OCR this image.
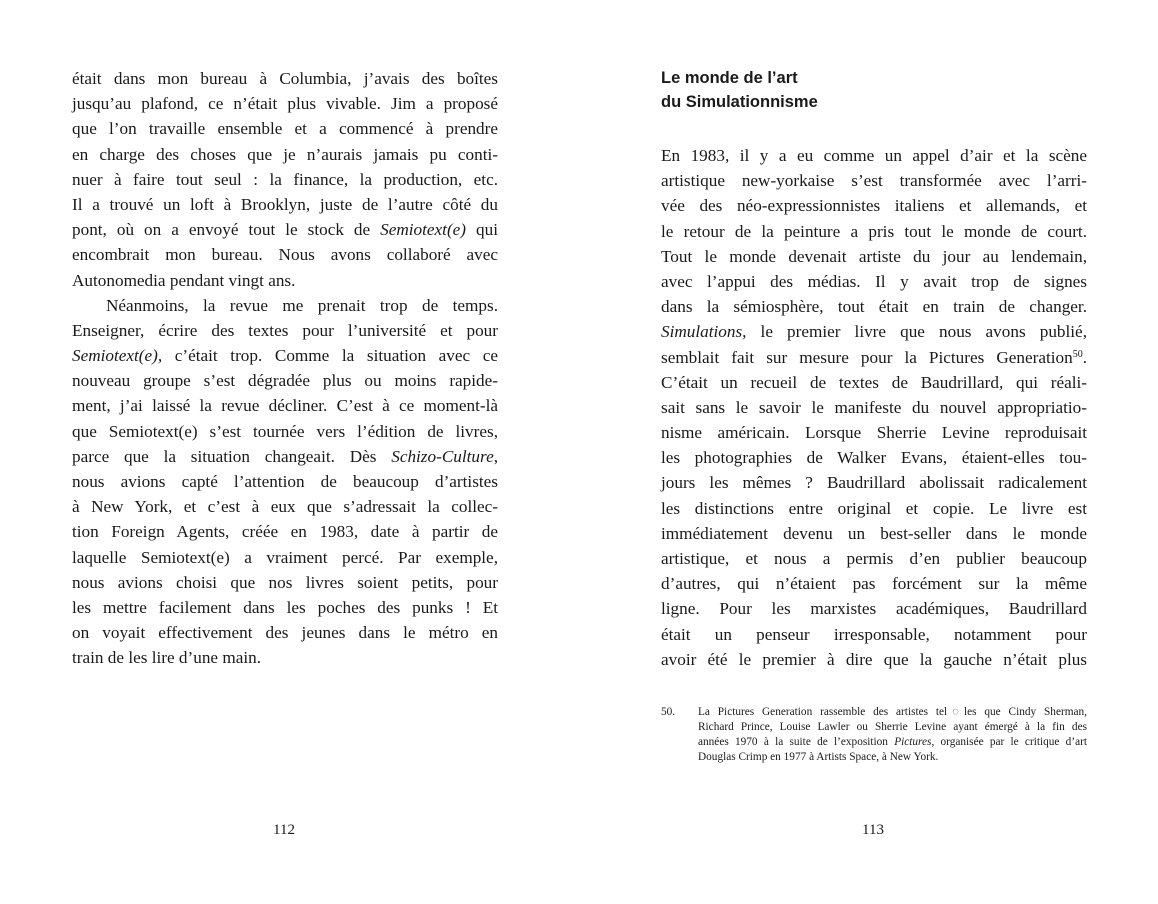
était dans mon bureau à Columbia, j’avais des boîtes
jusqu’au plafond, ce n’était plus vivable. Jim a proposé
que l’on travaille ensemble et a commencé à prendre
en charge des choses que je n’aurais jamais pu conti-
nuer à faire tout seul : la finance, la production, etc.
Il a trouvé un loft à Brooklyn, juste de l’autre côté du
pont, où on a envoyé tout le stock de Semiotext(e) qui
encombrait mon bureau. Nous avons collaboré avec
Autonomedia pendant vingt ans.
Néanmoins, la revue me prenait trop de temps.
Enseigner, écrire des textes pour l’université et pour
Semiotext(e), c’était trop. Comme la situation avec ce
nouveau groupe s’est dégradée plus ou moins rapide-
ment, j’ai laissé la revue décliner. C’est à ce moment-là
que Semiotext(e) s’est tournée vers l’édition de livres,
parce que la situation changeait. Dès Schizo-Culture,
nous avions capté l’attention de beaucoup d’artistes
à New York, et c’est à eux que s’adressait la collec-
tion Foreign Agents, créée en 1983, date à partir de
laquelle Semiotext(e) a vraiment percé. Par exemple,
nous avions choisi que nos livres soient petits, pour
les mettre facilement dans les poches des punks ! Et
on voyait effectivement des jeunes dans le métro en
train de les lire d’une main.
Le monde de l’art
du Simulationnisme
En 1983, il y a eu comme un appel d’air et la scène
artistique new-yorkaise s’est transformée avec l’arri-
vée des néo-expressionnistes italiens et allemands, et
le retour de la peinture a pris tout le monde de court.
Tout le monde devenait artiste du jour au lendemain,
avec l’appui des médias. Il y avait trop de signes
dans la sémiosphère, tout était en train de changer.
Simulations, le premier livre que nous avons publié,
semblait fait sur mesure pour la Pictures Generation$^{50}$.
C’était un recueil de textes de Baudrillard, qui réali-
sait sans le savoir le manifeste du nouvel appropriatio-
nisme américain. Lorsque Sherrie Levine reproduisait
les photographies de Walker Evans, étaient-elles tou-
jours les mêmes ? Baudrillard abolissait radicalement
les distinctions entre original et copie. Le livre est
immédiatement devenu un best-seller dans le monde
artistique, et nous a permis d’en publier beaucoup
d’autres, qui n’étaient pas forcément sur la même
ligne. Pour les marxistes académiques, Baudrillard
était un penseur irresponsable, notamment pour
avoir été le premier à dire que la gauche n’était plus
50. La Pictures Generation rassemble des artistes tel◌les que Cindy Sherman,
Richard Prince, Louise Lawler ou Sherrie Levine ayant émergé à la fin des
années 1970 à la suite de l’exposition Pictures, organisée par le critique d’art
Douglas Crimp en 1977 à Artists Space, à New York.
112	113
